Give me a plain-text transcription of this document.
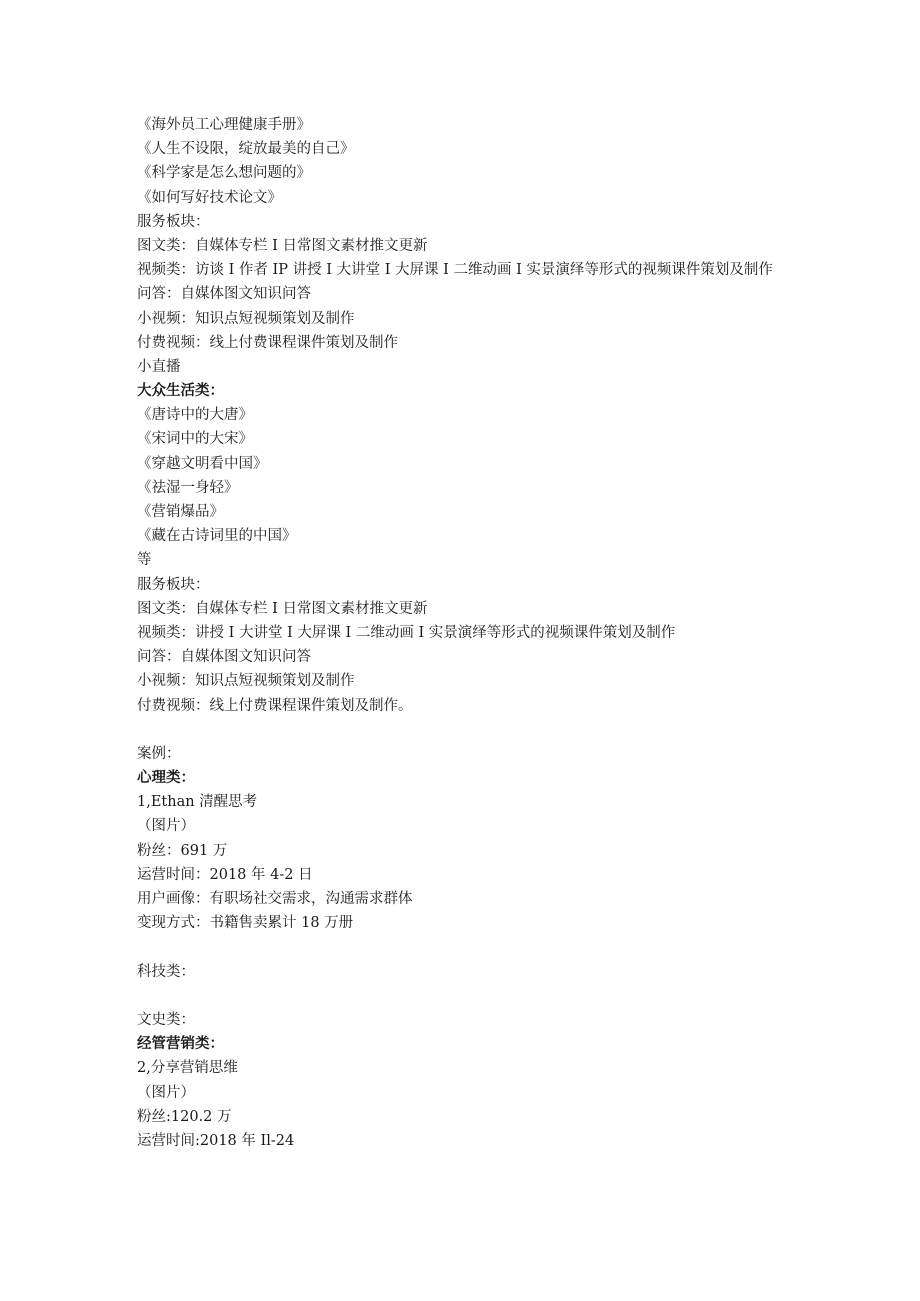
《海外员工心理健康手册》
《人生不设限，绽放最美的自己》
《科学家是怎么想问题的》
《如何写好技术论文》
服务板块：
图文类：自媒体专栏 I 日常图文素材推文更新
视频类：访谈 I 作者 IP 讲授 I 大讲堂 I 大屏课 I 二维动画 I 实景演绎等形式的视频课件策划及制作
问答：自媒体图文知识问答
小视频：知识点短视频策划及制作
付费视频：线上付费课程课件策划及制作
小直播
大众生活类：
《唐诗中的大唐》
《宋词中的大宋》
《穿越文明看中国》
《祛湿一身轻》
《营销爆品》
《藏在古诗词里的中国》
等
服务板块：
图文类：自媒体专栏 I 日常图文素材推文更新
视频类：讲授 I 大讲堂 I 大屏课 I 二维动画 I 实景演绎等形式的视频课件策划及制作
问答：自媒体图文知识问答
小视频：知识点短视频策划及制作
付费视频：线上付费课程课件策划及制作。
案例：
心理类：
1,Ethan 清醒思考
（图片）
粉丝：691 万
运营时间：2018 年 4-2 日
用户画像：有职场社交需求，沟通需求群体
变现方式：书籍售卖累计 18 万册
科技类：
文史类：
经管营销类：
2,分享营销思维
（图片）
粉丝:120.2 万
运营时间:2018 年 Il-24
